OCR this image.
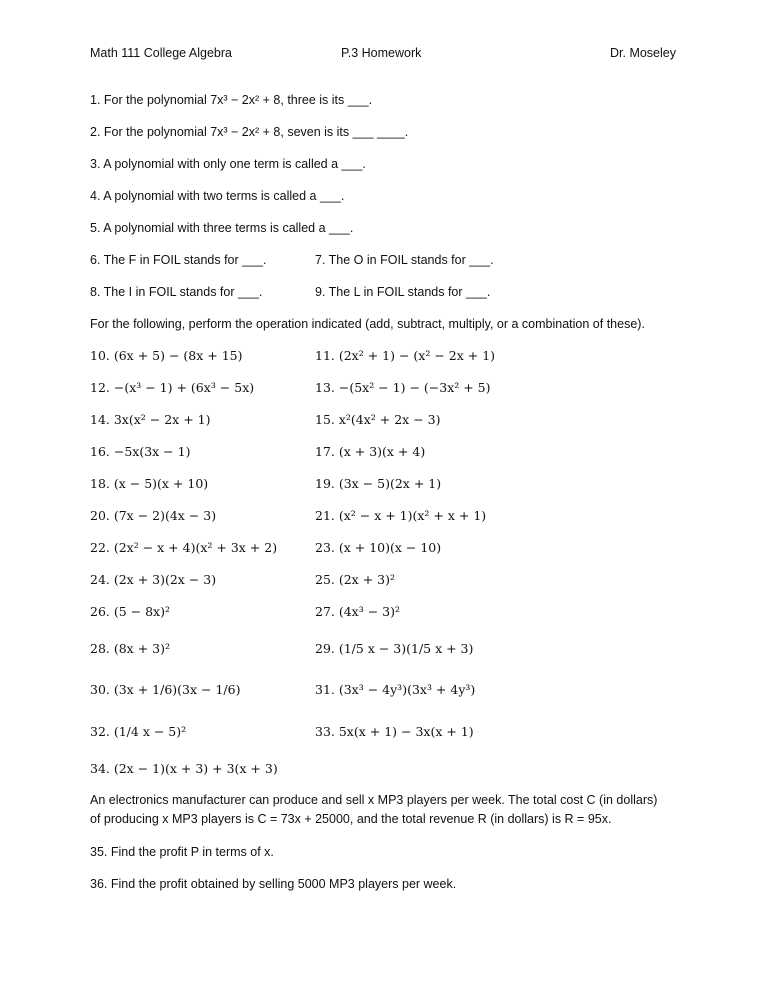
Math 111 College Algebra	P.3 Homework	Dr. Moseley
1. For the polynomial 7x³ − 2x² + 8, three is its ___.
2. For the polynomial 7x³ − 2x² + 8, seven is its ___ ____.
3. A polynomial with only one term is called a ___.
4. A polynomial with two terms is called a ___.
5. A polynomial with three terms is called a ___.
6. The F in FOIL stands for ___.	7. The O in FOIL stands for ___.
8. The I in FOIL stands for ___.	9. The L in FOIL stands for ___.
For the following, perform the operation indicated (add, subtract, multiply, or a combination of these).
10. (6x + 5) − (8x + 15)	11. (2x² + 1) − (x² − 2x + 1)
12. −(x³ − 1) + (6x³ − 5x)	13. −(5x² − 1) − (−3x² + 5)
14. 3x(x² − 2x + 1)	15. x²(4x² + 2x − 3)
16. −5x(3x − 1)	17. (x + 3)(x + 4)
18. (x − 5)(x + 10)	19. (3x − 5)(2x + 1)
20. (7x − 2)(4x − 3)	21. (x² − x + 1)(x² + x + 1)
22. (2x² − x + 4)(x² + 3x + 2)	23. (x + 10)(x − 10)
24. (2x + 3)(2x − 3)	25. (2x + 3)²
26. (5 − 8x)²	27. (4x³ − 3)²
28. (8x + 3)²	29. (1/5 x − 3)(1/5 x + 3)
30. (3x + 1/6)(3x − 1/6)	31. (3x³ − 4y³)(3x³ + 4y³)
32. (1/4 x − 5)²	33. 5x(x + 1) − 3x(x + 1)
34. (2x − 1)(x + 3) + 3(x + 3)
An electronics manufacturer can produce and sell x MP3 players per week. The total cost C (in dollars)
of producing x MP3 players is C = 73x + 25000, and the total revenue R (in dollars) is R = 95x.
35. Find the profit P in terms of x.
36. Find the profit obtained by selling 5000 MP3 players per week.
